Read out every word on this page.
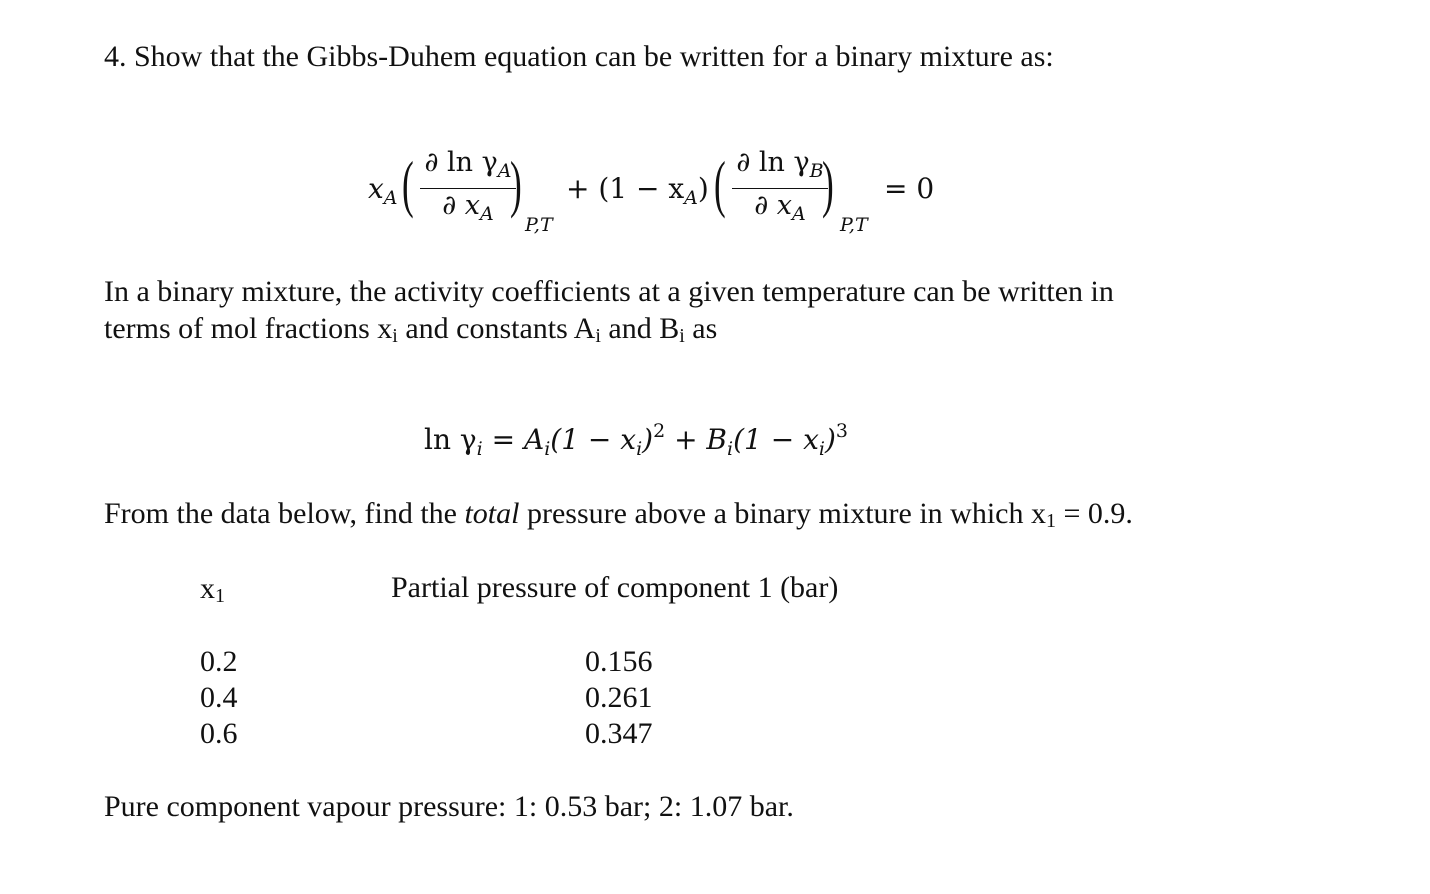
4. Show that the Gibbs-Duhem equation can be written for a binary mixture as:
$x_A$ ( ∂ $\ln \gamma_A$
∂ $x_A$ )
P,T
+ $(1 - x_A)$ ( ∂ $\ln \gamma_B$
∂ $x_A$ )
P,T
= 0
In a binary mixture, the activity coefficients at a given temperature can be written in
terms of mol fractions xi and constants Ai and Bi as
$\ln \gamma_i = A_i(1 - x_i)^2 + B_i(1 - x_i)^3$
From the data below, find the total pressure above a binary mixture in which x1 = 0.9.
x1	Partial pressure of component 1 (bar)
0.2	0.156
0.4	0.261
0.6	0.347
Pure component vapour pressure: 1: 0.53 bar; 2: 1.07 bar.
